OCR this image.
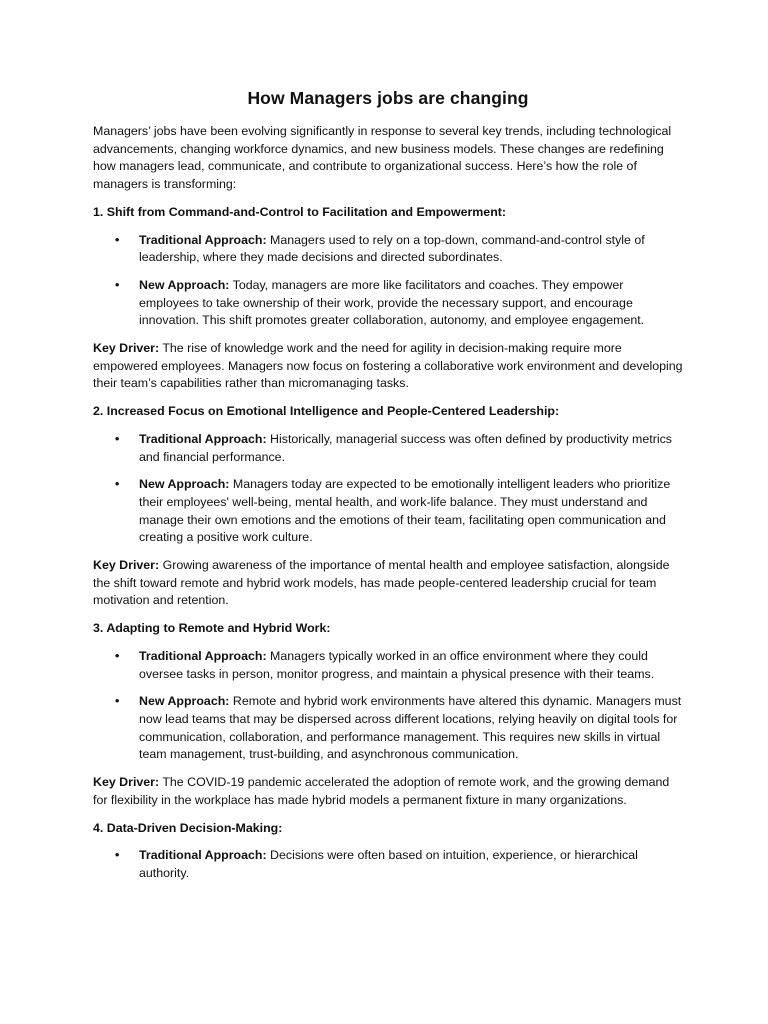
How Managers jobs are changing

Managers’ jobs have been evolving significantly in response to several key trends, including technological advancements, changing workforce dynamics, and new business models. These changes are redefining how managers lead, communicate, and contribute to organizational success. Here’s how the role of managers is transforming:

1. Shift from Command-and-Control to Facilitation and Empowerment:

• Traditional Approach: Managers used to rely on a top-down, command-and-control style of leadership, where they made decisions and directed subordinates.
• New Approach: Today, managers are more like facilitators and coaches. They empower employees to take ownership of their work, provide the necessary support, and encourage innovation. This shift promotes greater collaboration, autonomy, and employee engagement.

Key Driver: The rise of knowledge work and the need for agility in decision-making require more empowered employees. Managers now focus on fostering a collaborative work environment and developing their team’s capabilities rather than micromanaging tasks.

2. Increased Focus on Emotional Intelligence and People-Centered Leadership:

• Traditional Approach: Historically, managerial success was often defined by productivity metrics and financial performance.
• New Approach: Managers today are expected to be emotionally intelligent leaders who prioritize their employees' well-being, mental health, and work-life balance. They must understand and manage their own emotions and the emotions of their team, facilitating open communication and creating a positive work culture.

Key Driver: Growing awareness of the importance of mental health and employee satisfaction, alongside the shift toward remote and hybrid work models, has made people-centered leadership crucial for team motivation and retention.

3. Adapting to Remote and Hybrid Work:

• Traditional Approach: Managers typically worked in an office environment where they could oversee tasks in person, monitor progress, and maintain a physical presence with their teams.
• New Approach: Remote and hybrid work environments have altered this dynamic. Managers must now lead teams that may be dispersed across different locations, relying heavily on digital tools for communication, collaboration, and performance management. This requires new skills in virtual team management, trust-building, and asynchronous communication.

Key Driver: The COVID-19 pandemic accelerated the adoption of remote work, and the growing demand for flexibility in the workplace has made hybrid models a permanent fixture in many organizations.

4. Data-Driven Decision-Making:

• Traditional Approach: Decisions were often based on intuition, experience, or hierarchical authority.
